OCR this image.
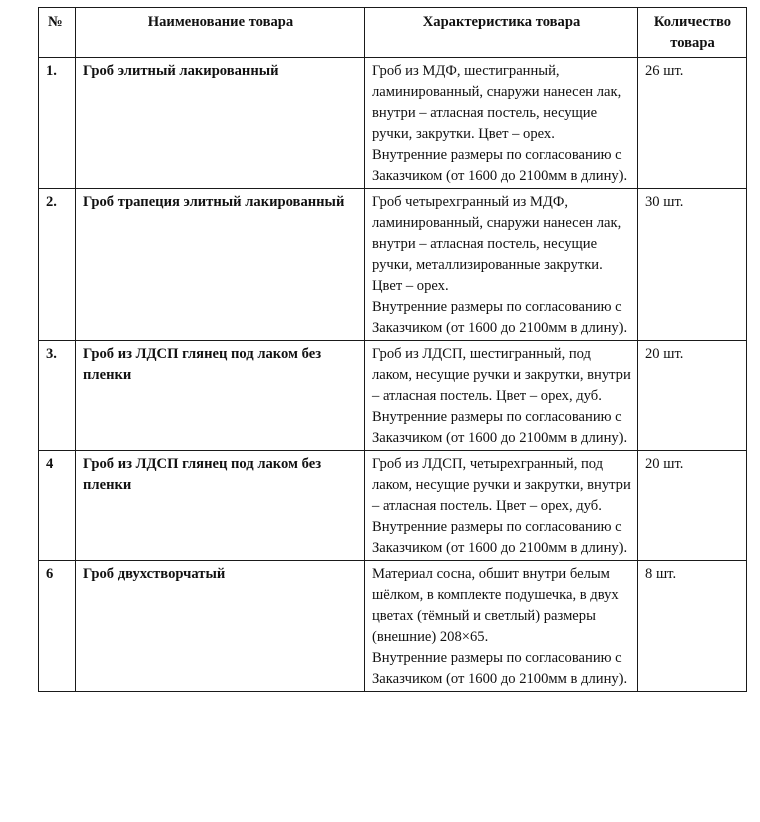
№	Наименование товара	Характеристика товара	Количество товара
1.	Гроб элитный лакированный	Гроб из МДФ, шестигранный, ламинированный, снаружи нанесен лак, внутри – атласная постель, несущие ручки, закрутки. Цвет – орех. Внутренние размеры по согласованию с Заказчиком (от 1600 до 2100мм в длину).	26 шт.
2.	Гроб трапеция элитный лакированный	Гроб четырехгранный из МДФ, ламинированный, снаружи нанесен лак, внутри – атласная постель, несущие ручки, металлизированные закрутки. Цвет – орех.
Внутренние размеры по согласованию с Заказчиком (от 1600 до 2100мм в длину).	30 шт.
3.	Гроб из ЛДСП глянец под лаком без пленки	Гроб из ЛДСП, шестигранный, под лаком, несущие ручки и закрутки, внутри – атласная постель. Цвет – орех, дуб.
Внутренние размеры по согласованию с Заказчиком (от 1600 до 2100мм в длину).	20 шт.
4	Гроб из ЛДСП глянец под лаком без пленки	Гроб из ЛДСП, четырехгранный, под лаком, несущие ручки и закрутки, внутри – атласная постель. Цвет – орех, дуб.
Внутренние размеры по согласованию с Заказчиком (от 1600 до 2100мм в длину).	20 шт.
6	Гроб двухстворчатый	Материал сосна, обшит внутри белым шёлком, в комплекте подушечка, в двух цветах (тёмный и светлый) размеры (внешние) 208×65.
Внутренние размеры по согласованию с Заказчиком (от 1600 до 2100мм в длину).	8 шт.
